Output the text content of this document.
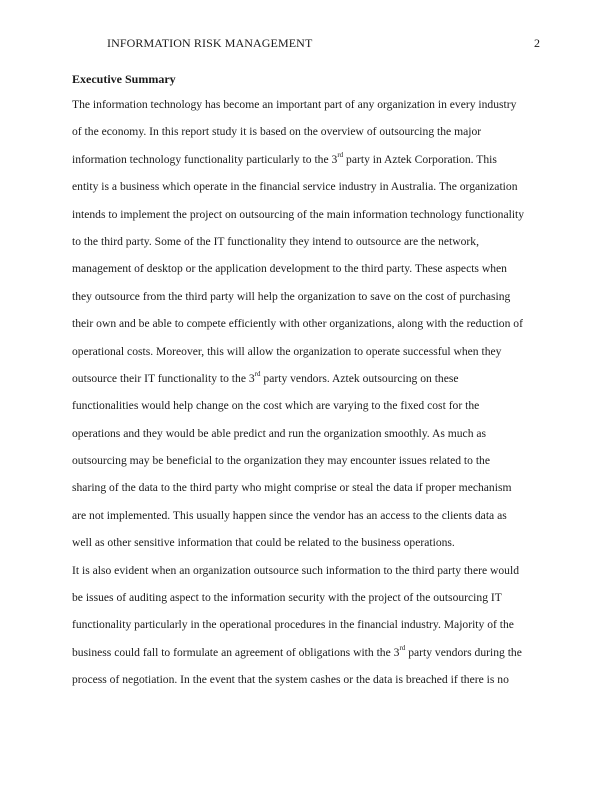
INFORMATION RISK MANAGEMENT	2
Executive Summary
The information technology has become an important part of any organization in every industry
of the economy. In this report study it is based on the overview of outsourcing the major
information technology functionality particularly to the 3rd party in Aztek Corporation. This
entity is a business which operate in the financial service industry in Australia. The organization
intends to implement the project on outsourcing of the main information technology functionality
to the third party. Some of the IT functionality they intend to outsource are the network,
management of desktop or the application development to the third party. These aspects when
they outsource from the third party will help the organization to save on the cost of purchasing
their own and be able to compete efficiently with other organizations, along with the reduction of
operational costs. Moreover, this will allow the organization to operate successful when they
outsource their IT functionality to the 3rd party vendors. Aztek outsourcing on these
functionalities would help change on the cost which are varying to the fixed cost for the
operations and they would be able predict and run the organization smoothly. As much as
outsourcing may be beneficial to the organization they may encounter issues related to the
sharing of the data to the third party who might comprise or steal the data if proper mechanism
are not implemented. This usually happen since the vendor has an access to the clients data as
well as other sensitive information that could be related to the business operations.
It is also evident when an organization outsource such information to the third party there would
be issues of auditing aspect to the information security with the project of the outsourcing IT
functionality particularly in the operational procedures in the financial industry. Majority of the
business could fall to formulate an agreement of obligations with the 3rd party vendors during the
process of negotiation. In the event that the system cashes or the data is breached if there is no
